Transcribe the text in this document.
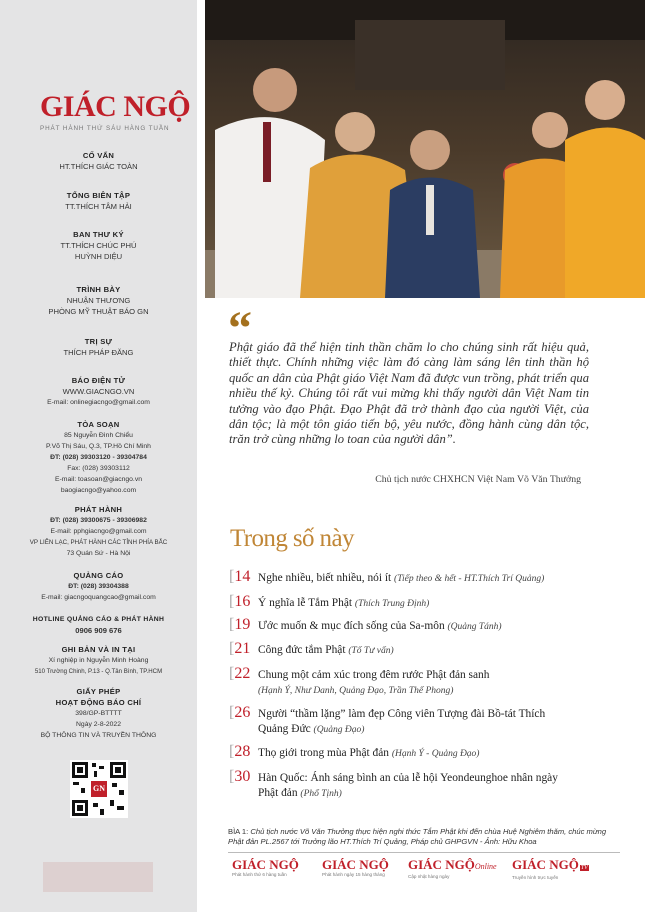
GIÁC NGỘ
PHÁT HÀNH THỨ SÁU HÀNG TUẦN
CỐ VẤN
HT.THÍCH GIÁC TOÀN
TỔNG BIÊN TẬP
TT.THÍCH TÂM HẢI
BAN THƯ KÝ
TT.THÍCH CHÚC PHÚ
HUỲNH DIỆU
TRÌNH BÀY
NHUẬN THƯƠNG
PHÒNG MỸ THUẬT BÁO GN
TRỊ SỰ
THÍCH PHÁP ĐĂNG
BÁO ĐIỆN TỬ
WWW.GIACNGO.VN
E-mail: onlinegiacngo@gmail.com
TÒA SOẠN
85 Nguyễn Đình Chiểu
P.Võ Thị Sáu, Q.3, TP.Hồ Chí Minh
ĐT: (028) 39303120 - 39304784
Fax: (028) 39303112
E-mail: toasoan@giacngo.vn
baogiacngo@yahoo.com
PHÁT HÀNH
ĐT: (028) 39300675 - 39306982
E-mail: pphgiacngo@gmail.com
VP LIÊN LẠC, PHÁT HÀNH CÁC TỈNH PHÍA BẮC
73 Quán Sứ - Hà Nội
QUẢNG CÁO
ĐT: (028) 39304388
E-mail: giacngoquangcao@gmail.com
HOTLINE QUẢNG CÁO & PHÁT HÀNH
0906 909 676
GHI BẢN VÀ IN TẠI
Xí nghiệp in Nguyễn Minh Hoàng
510 Trường Chinh, P.13 - Q.Tân Bình, TP.HCM
GIẤY PHÉP
HOẠT ĐỘNG BÁO CHÍ
398/GP-BTTTT
Ngày 2-8-2022
BỘ THÔNG TIN VÀ TRUYỀN THÔNG
GN
“
Phật giáo đã thể hiện tinh thần chăm lo cho chúng sinh rất hiệu quả, thiết thực. Chính những việc làm đó càng làm sáng lên tinh thần hộ quốc an dân của Phật giáo Việt Nam đã được vun trồng, phát triển qua nhiều thế kỷ. Chúng tôi rất vui mừng khi thấy người dân Việt Nam tin tưởng vào đạo Phật. Đạo Phật đã trở thành đạo của người Việt, của dân tộc; là một tôn giáo tiến bộ, yêu nước, đồng hành cùng dân tộc, trăn trở cùng những lo toan của người dân”.
Chủ tịch nước CHXHCN Việt Nam Võ Văn Thưởng
Trong số này
[14 Nghe nhiều, biết nhiều, nói ít (Tiếp theo & hết - HT.Thích Trí Quảng)
[16 Ý nghĩa lễ Tắm Phật (Thích Trung Định)
[19 Ước muốn & mục đích sống của Sa-môn (Quảng Tánh)
[21 Công đức tắm Phật (Tố Tư vấn)
[22 Chung một cảm xúc trong đêm rước Phật đản sanh
(Hạnh Ý, Như Danh, Quảng Đạo, Trần Thế Phong)
[26 Người “thầm lặng” làm đẹp Công viên Tượng đài Bồ-tát Thích Quảng Đức (Quảng Đạo)
[28 Thọ giới trong mùa Phật đản (Hạnh Ý - Quảng Đạo)
[30 Hàn Quốc: Ánh sáng bình an của lễ hội Yeondeunghoe nhân ngày Phật đản (Phổ Tịnh)
BÌA 1: Chủ tịch nước Võ Văn Thưởng thực hiện nghi thức Tắm Phật khi đến chùa Huệ Nghiêm thăm, chúc mừng Phật đản PL.2567 tới Trưởng lão HT.Thích Trí Quảng, Pháp chủ GHPGVN - Ảnh: Hữu Khoa
GIÁC NGỘ
Phát hành thứ 6 hàng tuần
GIÁC NGỘ
Phát hành ngày 15 hàng tháng
GIÁC NGỘOnline
Cập nhật hàng ngày
GIÁC NGỘ TV
Truyền hình trực tuyến
